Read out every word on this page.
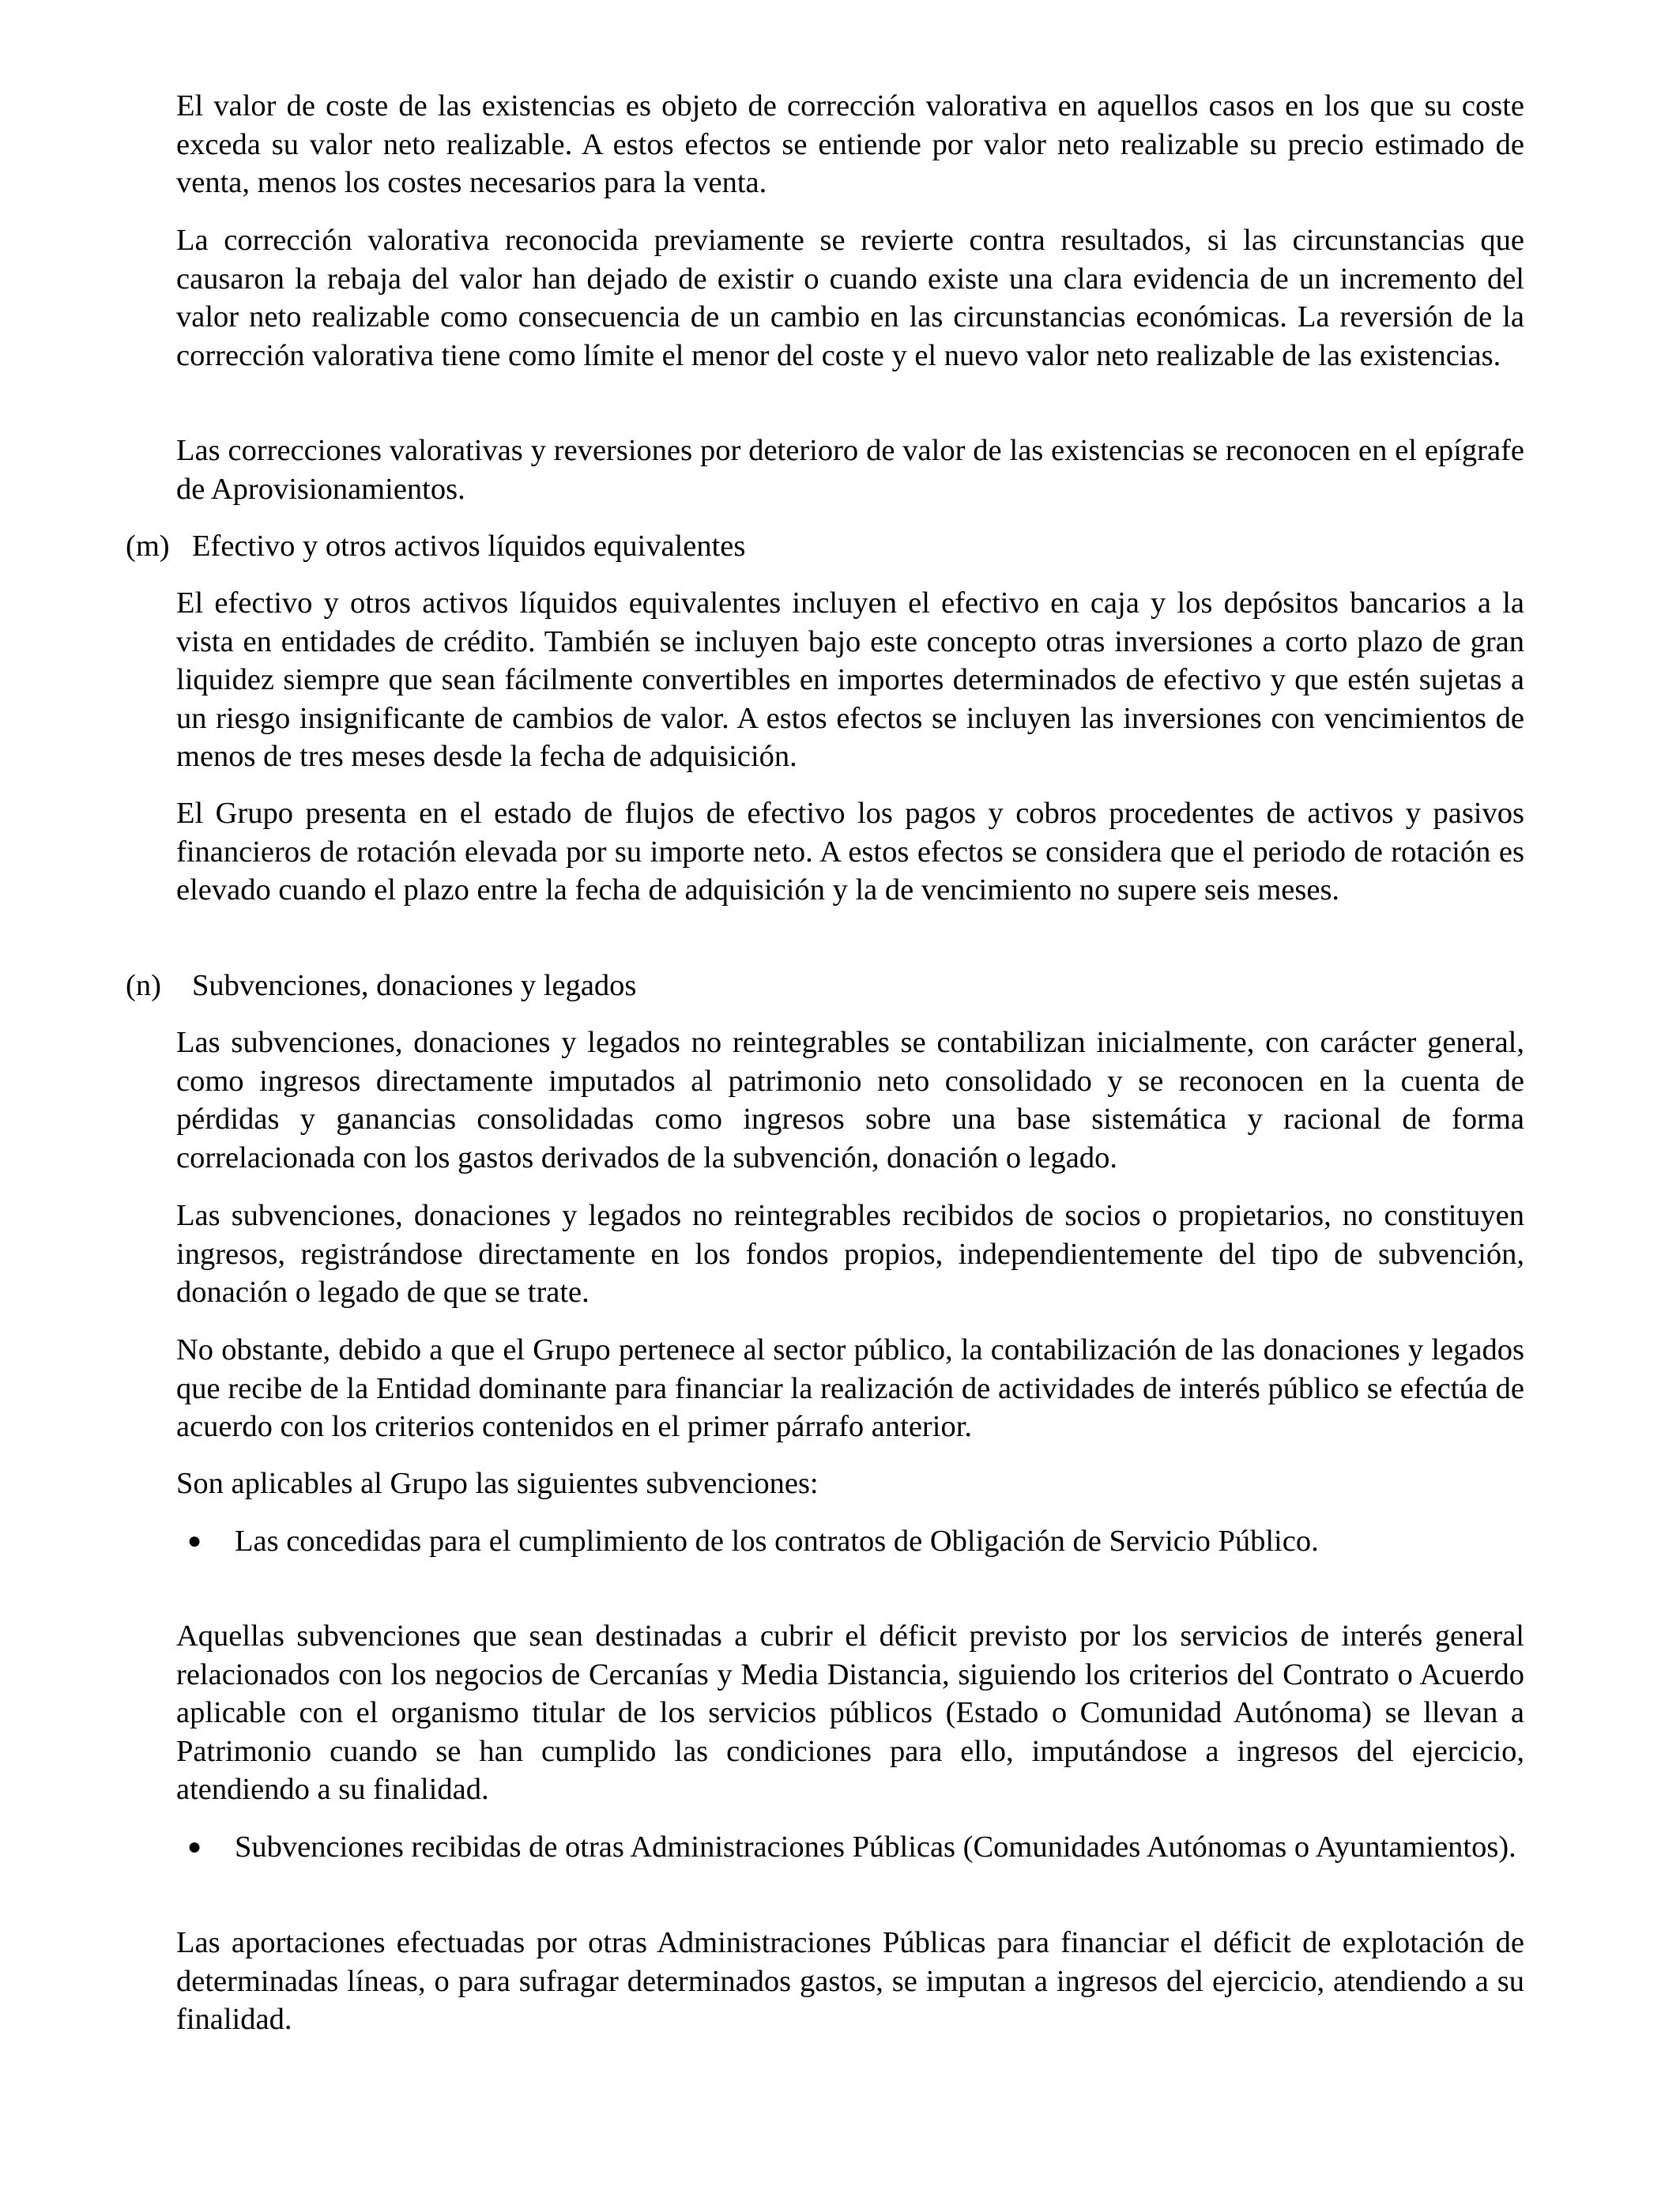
El valor de coste de las existencias es objeto de corrección valorativa en aquellos casos en los que su coste exceda su valor neto realizable. A estos efectos se entiende por valor neto realizable su precio estimado de venta, menos los costes necesarios para la venta.

La corrección valorativa reconocida previamente se revierte contra resultados, si las circunstancias que causaron la rebaja del valor han dejado de existir o cuando existe una clara evidencia de un incremento del valor neto realizable como consecuencia de un cambio en las circunstancias económicas. La reversión de la corrección valorativa tiene como límite el menor del coste y el nuevo valor neto realizable de las existencias.

Las correcciones valorativas y reversiones por deterioro de valor de las existencias se reconocen en el epígrafe de Aprovisionamientos.

(m) Efectivo y otros activos líquidos equivalentes

El efectivo y otros activos líquidos equivalentes incluyen el efectivo en caja y los depósitos bancarios a la vista en entidades de crédito. También se incluyen bajo este concepto otras inversiones a corto plazo de gran liquidez siempre que sean fácilmente convertibles en importes determinados de efectivo y que estén sujetas a un riesgo insignificante de cambios de valor. A estos efectos se incluyen las inversiones con vencimientos de menos de tres meses desde la fecha de adquisición.

El Grupo presenta en el estado de flujos de efectivo los pagos y cobros procedentes de activos y pasivos financieros de rotación elevada por su importe neto. A estos efectos se considera que el periodo de rotación es elevado cuando el plazo entre la fecha de adquisición y la de vencimiento no supere seis meses.

(n) Subvenciones, donaciones y legados

Las subvenciones, donaciones y legados no reintegrables se contabilizan inicialmente, con carácter general, como ingresos directamente imputados al patrimonio neto consolidado y se reconocen en la cuenta de pérdidas y ganancias consolidadas como ingresos sobre una base sistemática y racional de forma correlacionada con los gastos derivados de la subvención, donación o legado.

Las subvenciones, donaciones y legados no reintegrables recibidos de socios o propietarios, no constituyen ingresos, registrándose directamente en los fondos propios, independientemente del tipo de subvención, donación o legado de que se trate.

No obstante, debido a que el Grupo pertenece al sector público, la contabilización de las donaciones y legados que recibe de la Entidad dominante para financiar la realización de actividades de interés público se efectúa de acuerdo con los criterios contenidos en el primer párrafo anterior.

Son aplicables al Grupo las siguientes subvenciones:

●	Las concedidas para el cumplimiento de los contratos de Obligación de Servicio Público.

Aquellas subvenciones que sean destinadas a cubrir el déficit previsto por los servicios de interés general relacionados con los negocios de Cercanías y Media Distancia, siguiendo los criterios del Contrato o Acuerdo aplicable con el organismo titular de los servicios públicos (Estado o Comunidad Autónoma) se llevan a Patrimonio cuando se han cumplido las condiciones para ello, imputándose a ingresos del ejercicio, atendiendo a su finalidad.

●	Subvenciones recibidas de otras Administraciones Públicas (Comunidades Autónomas o Ayuntamientos).

Las aportaciones efectuadas por otras Administraciones Públicas para financiar el déficit de explotación de determinadas líneas, o para sufragar determinados gastos, se imputan a ingresos del ejercicio, atendiendo a su finalidad.
